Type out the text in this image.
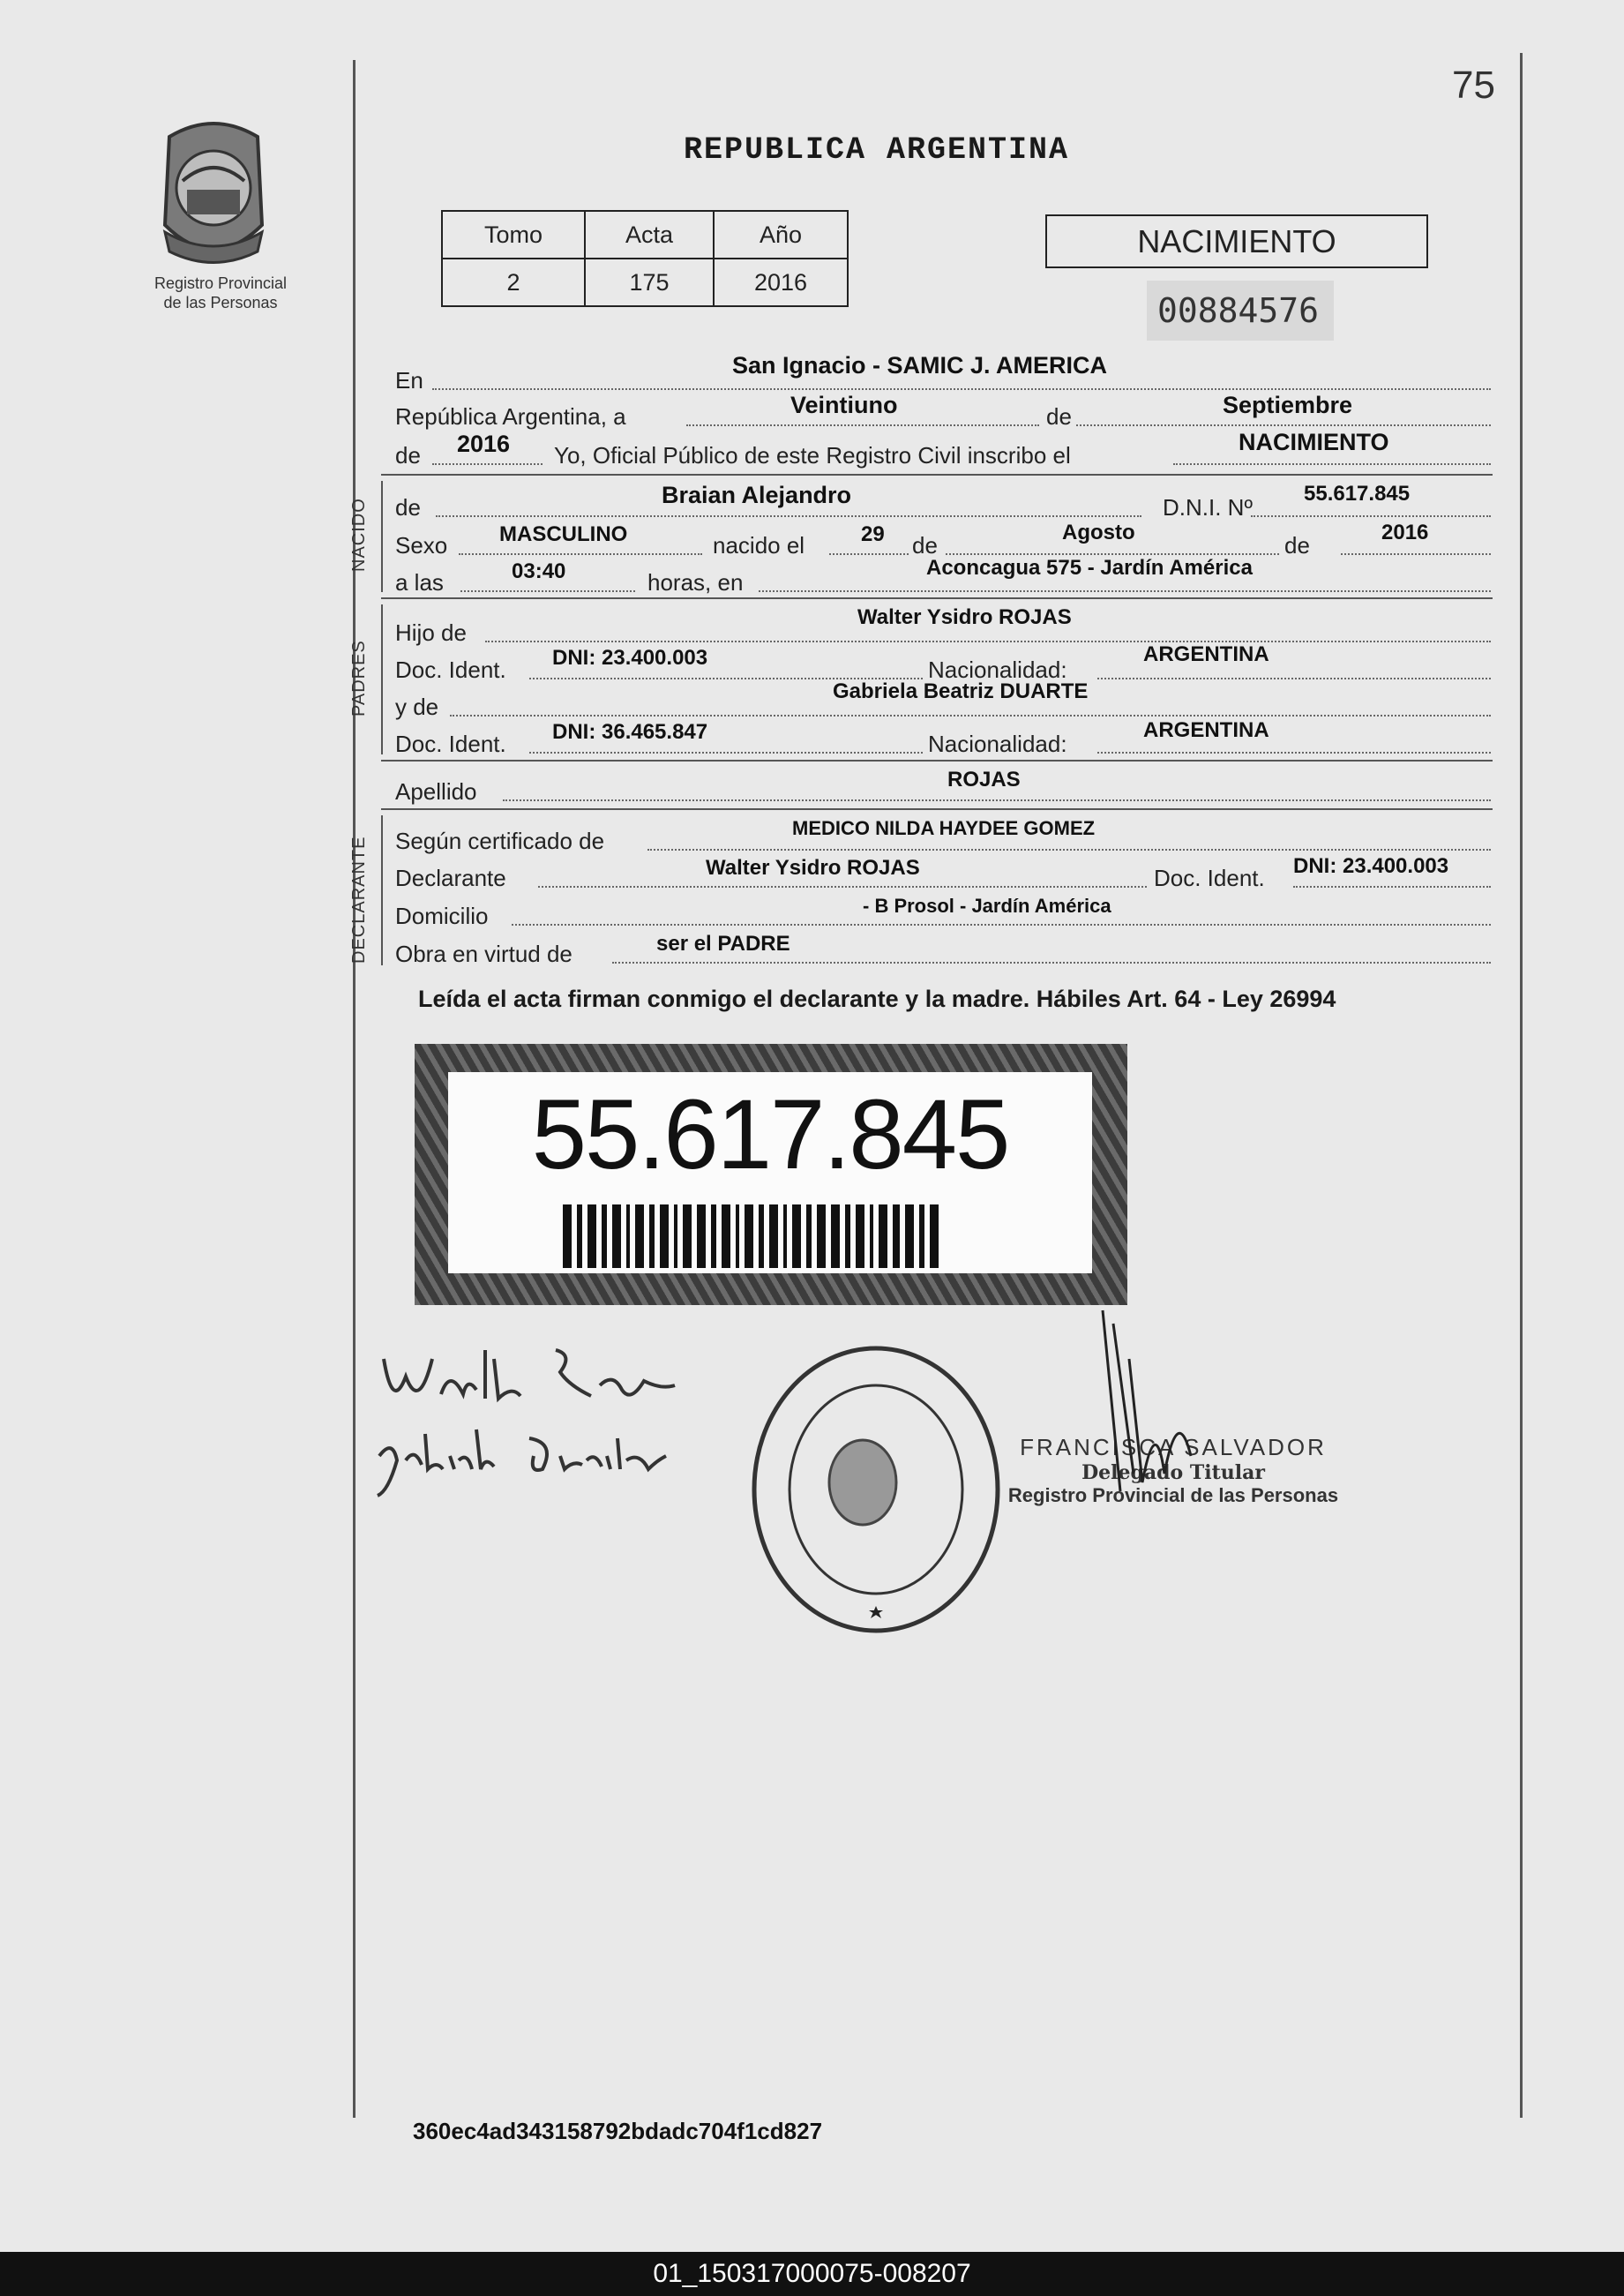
75
Registro Provincial
de las Personas
REPUBLICA ARGENTINA
Tomo	Acta	Año
2	175	2016
NACIMIENTO
00884576
En
San Ignacio - SAMIC J. AMERICA
República Argentina, a	Veintiuno	de	Septiembre
de 2016 Yo, Oficial Público de este Registro Civil inscribo el	NACIMIENTO
NACIDO de	Braian Alejandro	D.N.I. Nº
55.617.845
Sexo MASCULINO	nacido el	29 de	Agosto	de	2016
a las	03:40	horas, en
Aconcagua 575 - Jardín América
PADRES
Hijo de
Walter Ysidro ROJAS
Doc. Ident. DNI: 23.400.003	Nacionalidad:
ARGENTINA
y de
Gabriela Beatriz DUARTE
Doc. Ident. DNI: 36.465.847	Nacionalidad:
ARGENTINA
Apellido	ROJAS
DECLARANTE Según certificado de	MEDICO NILDA HAYDEE GOMEZ
Declarante	Walter Ysidro ROJAS	Doc. Ident. DNI: 23.400.003
Domicilio	- B Prosol - Jardín América
Obra en virtud de	ser el PADRE
Leída el acta firman conmigo el declarante y la madre. Hábiles Art. 64 - Ley 26994
55.617.845
FRANCISCA SALVADOR
Delegado Titular
Registro Provincial de las Personas
360ec4ad343158792bdadc704f1cd827
01_150317000075-008207
